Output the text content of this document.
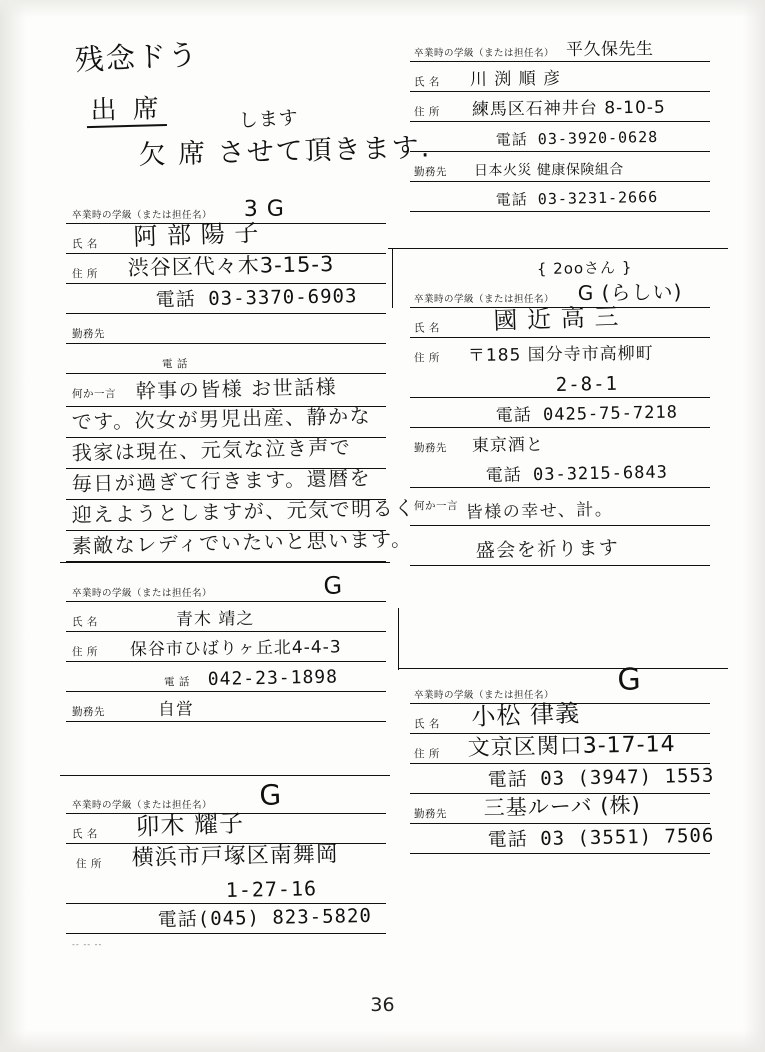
残念ドう
出 席	します
欠 席 させて頂きます.
卒業時の学級（または担任名） 3 G
氏 名 阿 部 陽 子
住 所 渋谷区代々木3-15-3
電話 03-3370-6903
勤務先
電 話
何か一言 幹事の皆様 お世話様
です。次女が男児出産、静かな
我家は現在、元気な泣き声で
毎日が過ぎて行きます。還暦を
迎えようとしますが、元気で明るく
素敵なレディでいたいと思います。
卒業時の学級（または担任名）	G
氏 名	青木 靖之
住 所 保谷市ひばりヶ丘北4-4-3
電 話 042-23-1898
勤務先	自営
卒業時の学級（または担任名） G
氏 名 卯木 耀子
住 所 横浜市戸塚区南舞岡
1-27-16
電話(045) 823-5820
-- -- --
卒業時の学級（または担任名） 平久保先生
氏 名 川 渕 順 彦
住 所 練馬区石神井台 8-10-5
電話 03-3920-0628
勤務先 日本火災 健康保険組合
電話 03-3231-2666
{ 2ooさん }
卒業時の学級（または担任名） G (らしい)
氏 名 國 近 高 三
住 所 〒185 国分寺市高柳町
2-8-1
電話 0425-75-7218
勤務先 東京酒と
電話 03-3215-6843
何か一言 皆様の幸せ、計。
盛会を祈ります
卒業時の学級（または担任名） G
氏 名 小松 律義
住 所 文京区関口3-17-14
電話 03 (3947) 1553
勤務先 三基ルーバ (株)
電話 03 (3551) 7506
36
